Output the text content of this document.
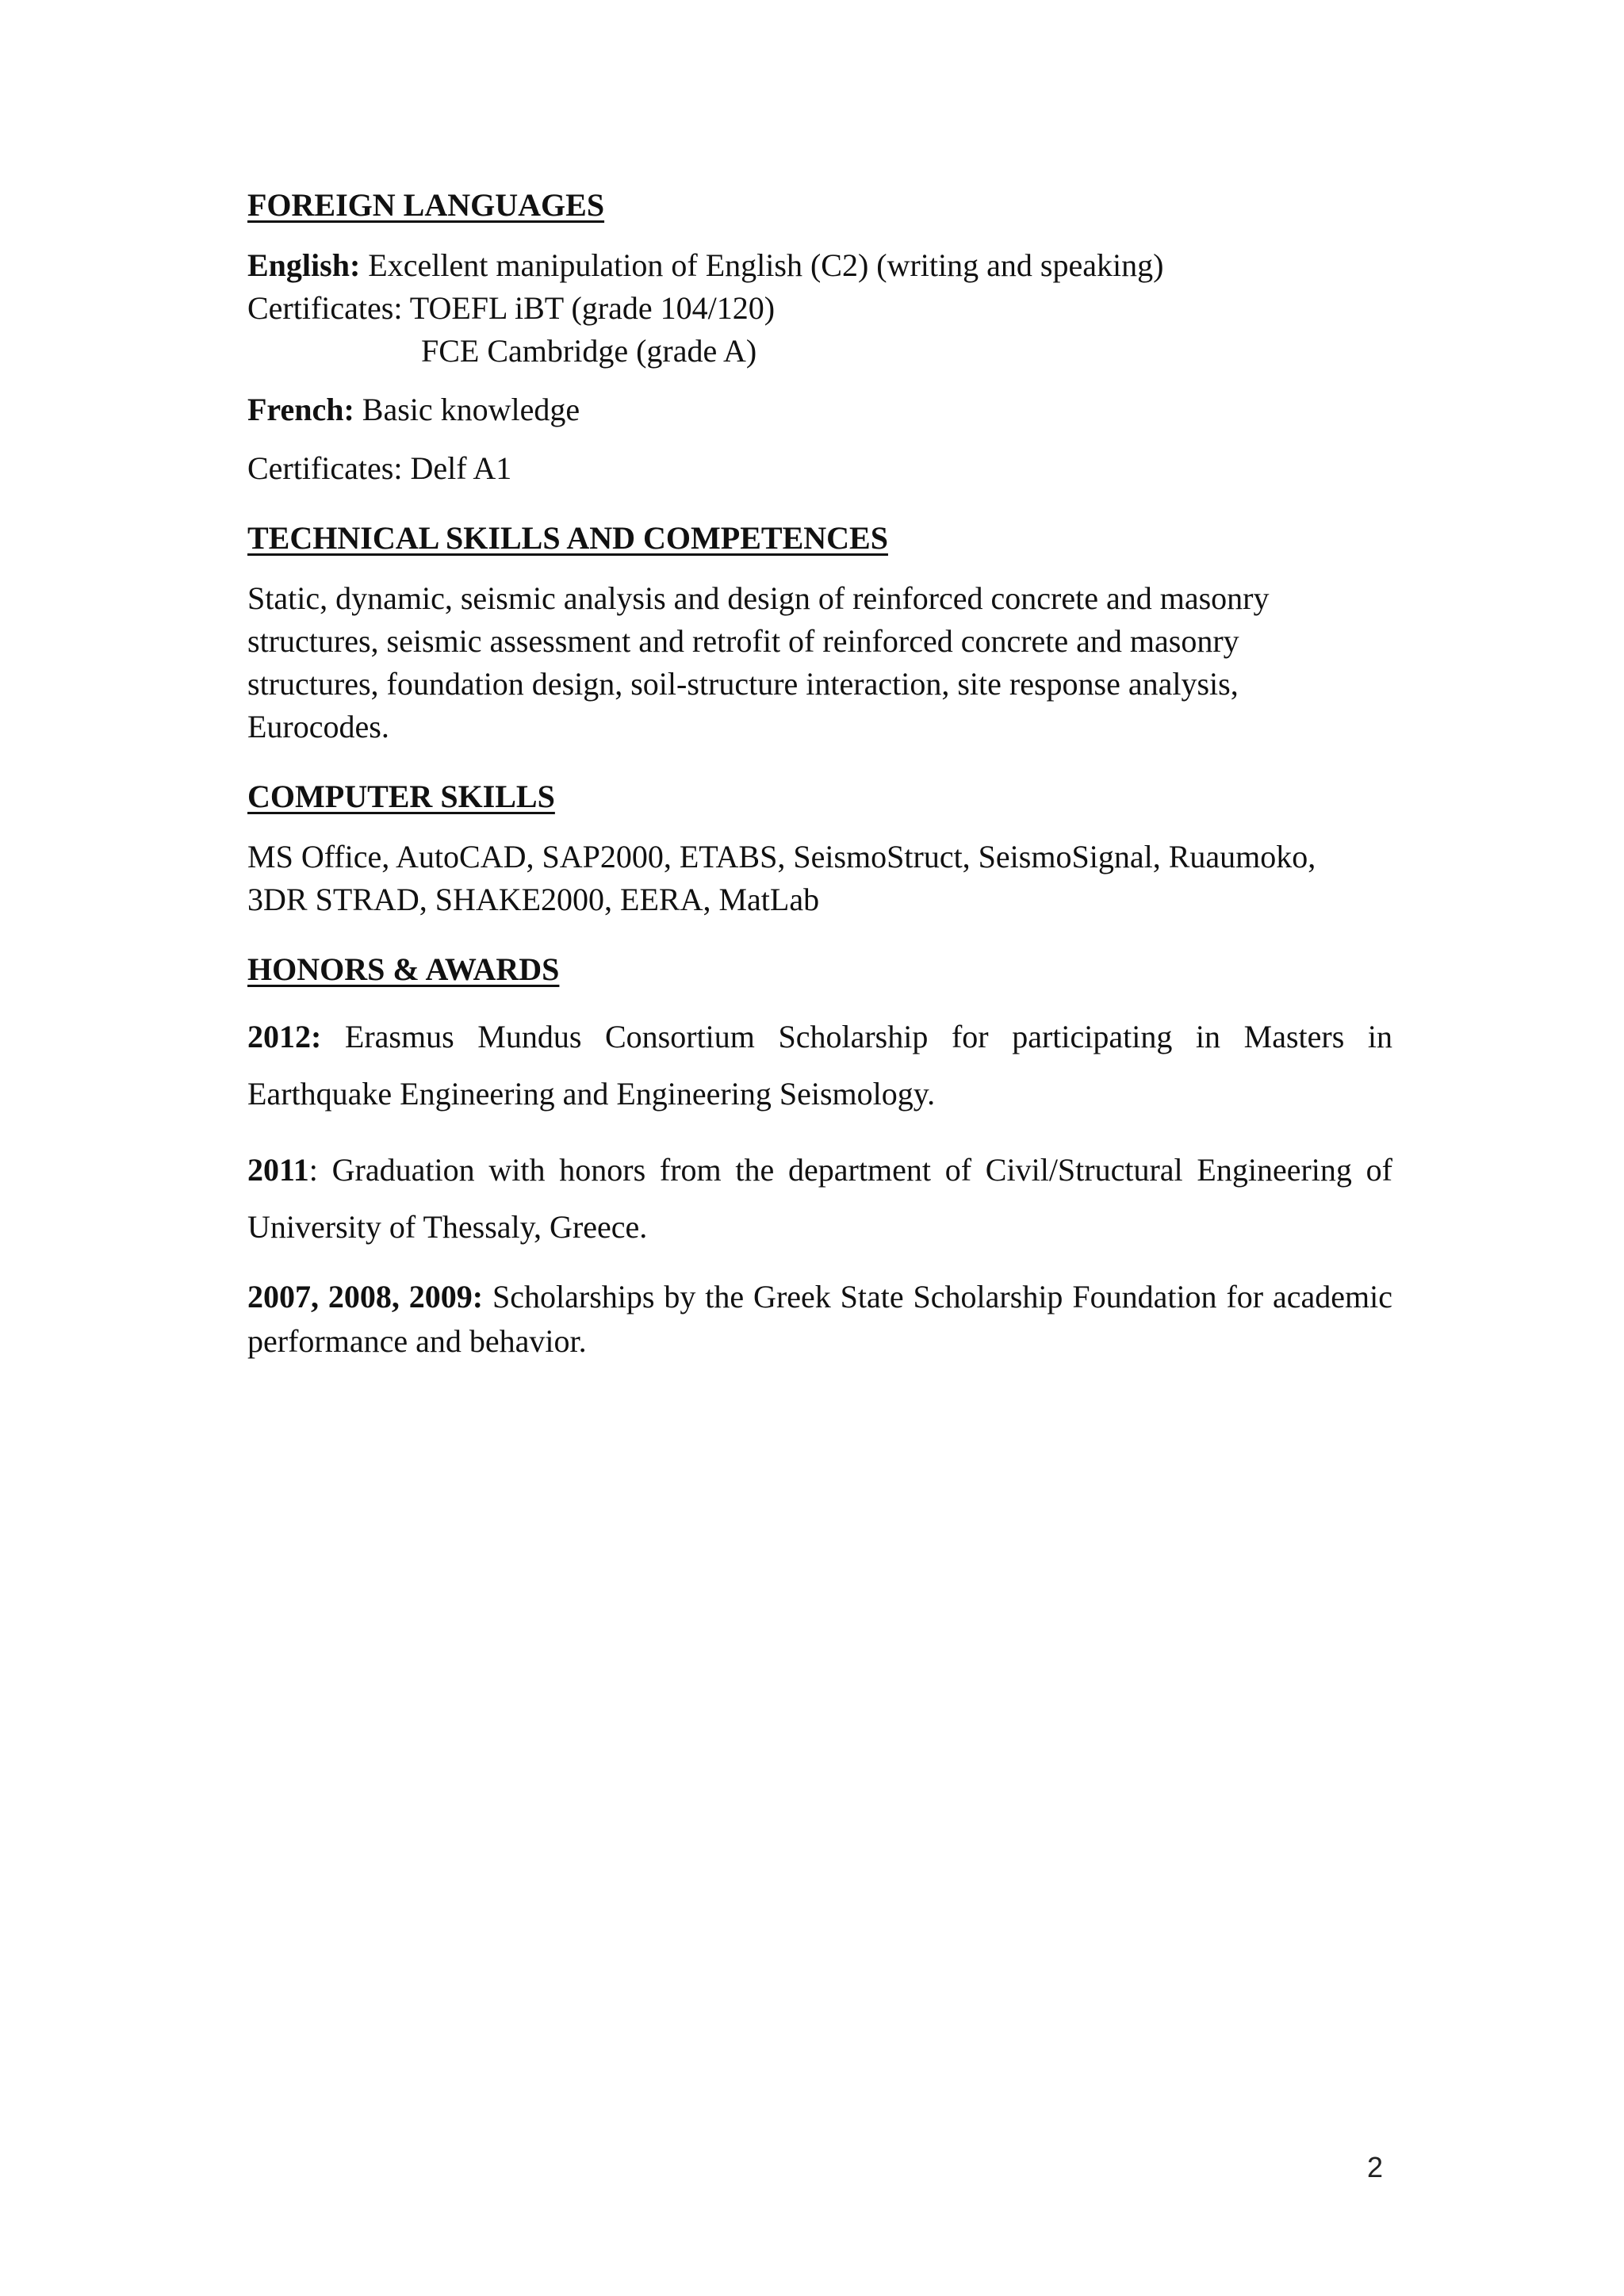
FOREIGN LANGUAGES

English: Excellent manipulation of English (C2) (writing and speaking)

Certificates: TOEFL iBT (grade 104/120)

FCE Cambridge (grade A)

French: Basic knowledge

Certificates: Delf A1

TECHNICAL SKILLS AND COMPETENCES

Static, dynamic, seismic analysis and design of reinforced concrete and masonry

structures, seismic assessment and retrofit of reinforced concrete and masonry

structures, foundation design, soil-structure interaction, site response analysis,

Eurocodes.

COMPUTER SKILLS

MS Office, AutoCAD, SAP2000, ETABS, SeismoStruct, SeismoSignal, Ruaumoko,

3DR STRAD, SHAKE2000, EERA, MatLab

HONORS & AWARDS

2012: Erasmus Mundus Consortium Scholarship for participating in Masters in Earthquake Engineering and Engineering Seismology.

2011: Graduation with honors from the department of Civil/Structural Engineering of University of Thessaly, Greece.

2007, 2008, 2009: Scholarships by the Greek State Scholarship Foundation for academic performance and behavior.

2
